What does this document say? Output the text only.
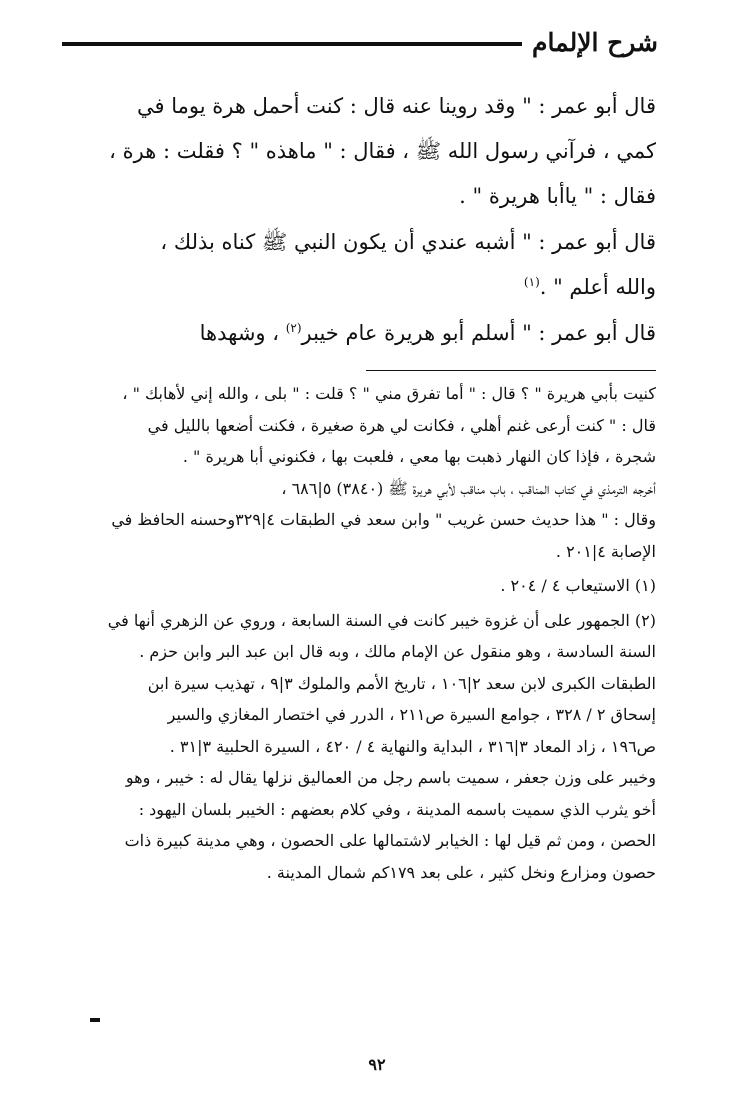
شرح الإلمام

قال أبو عمر : " وقد روينا عنه قال : كنت أحمل هرة يوما في

كمي ، فرآني رسول الله ﷺ ، فقال : " ماهذه " ؟ فقلت : هرة ،

فقال : " ياأبا هريرة " .

قال أبو عمر : " أشبه عندي أن يكون النبي ﷺ كناه بذلك ،

والله أعلم " .$^{(١)}$

قال أبو عمر : " أسلم أبو هريرة عام خيبر$^{(٢)}$ ، وشهدها

كنيت بأبي هريرة " ؟ قال : " أما تفرق مني " ؟ قلت : " بلى ، والله إني لأهابك " ،

قال : " كنت أرعى غنم أهلي ، فكانت لي هرة صغيرة ، فكنت أضعها بالليل في

شجرة ، فإذا كان النهار ذهبت بها معي ، فلعبت بها ، فكنوني أبا هريرة " .

أخرجه الترمذي في كتاب المناقب ، باب مناقب لأبي هريرة ﷺ (٣٨٤٠) ٥|٦٨٦ ،

وقال : " هذا حديث حسن غريب " وابن سعد في الطبقات ٤|٣٢٩وحسنه الحافظ في

الإصابة ٤|٢٠١ .

(١) الاستيعاب ٤ / ٢٠٤ .

(٢) الجمهور على أن غزوة خيبر كانت في السنة السابعة ، وروي عن الزهري أنها في

السنة السادسة ، وهو منقول عن الإمام مالك ، وبه قال ابن عبد البر وابن حزم .

الطبقات الكبرى لابن سعد ٢|١٠٦ ، تاريخ الأمم والملوك ٣|٩ ، تهذيب سيرة ابن

إسحاق ٢ / ٣٢٨ ، جوامع السيرة ص٢١١ ، الدرر في اختصار المغازي والسير

ص١٩٦ ، زاد المعاد ٣|٣١٦ ، البداية والنهاية ٤ / ٤٢٠ ، السيرة الحلبية ٣|٣١ .

وخيبر على وزن جعفر ، سميت باسم رجل من العماليق نزلها يقال له : خيبر ، وهو

أخو يثرب الذي سميت باسمه المدينة ، وفي كلام بعضهم : الخيبر بلسان اليهود :

الحصن ، ومن ثم قيل لها : الخيابر لاشتمالها على الحصون ، وهي مدينة كبيرة ذات

حصون ومزارع ونخل كثير ، على بعد ١٧٩كم شمال المدينة .

٩٢
